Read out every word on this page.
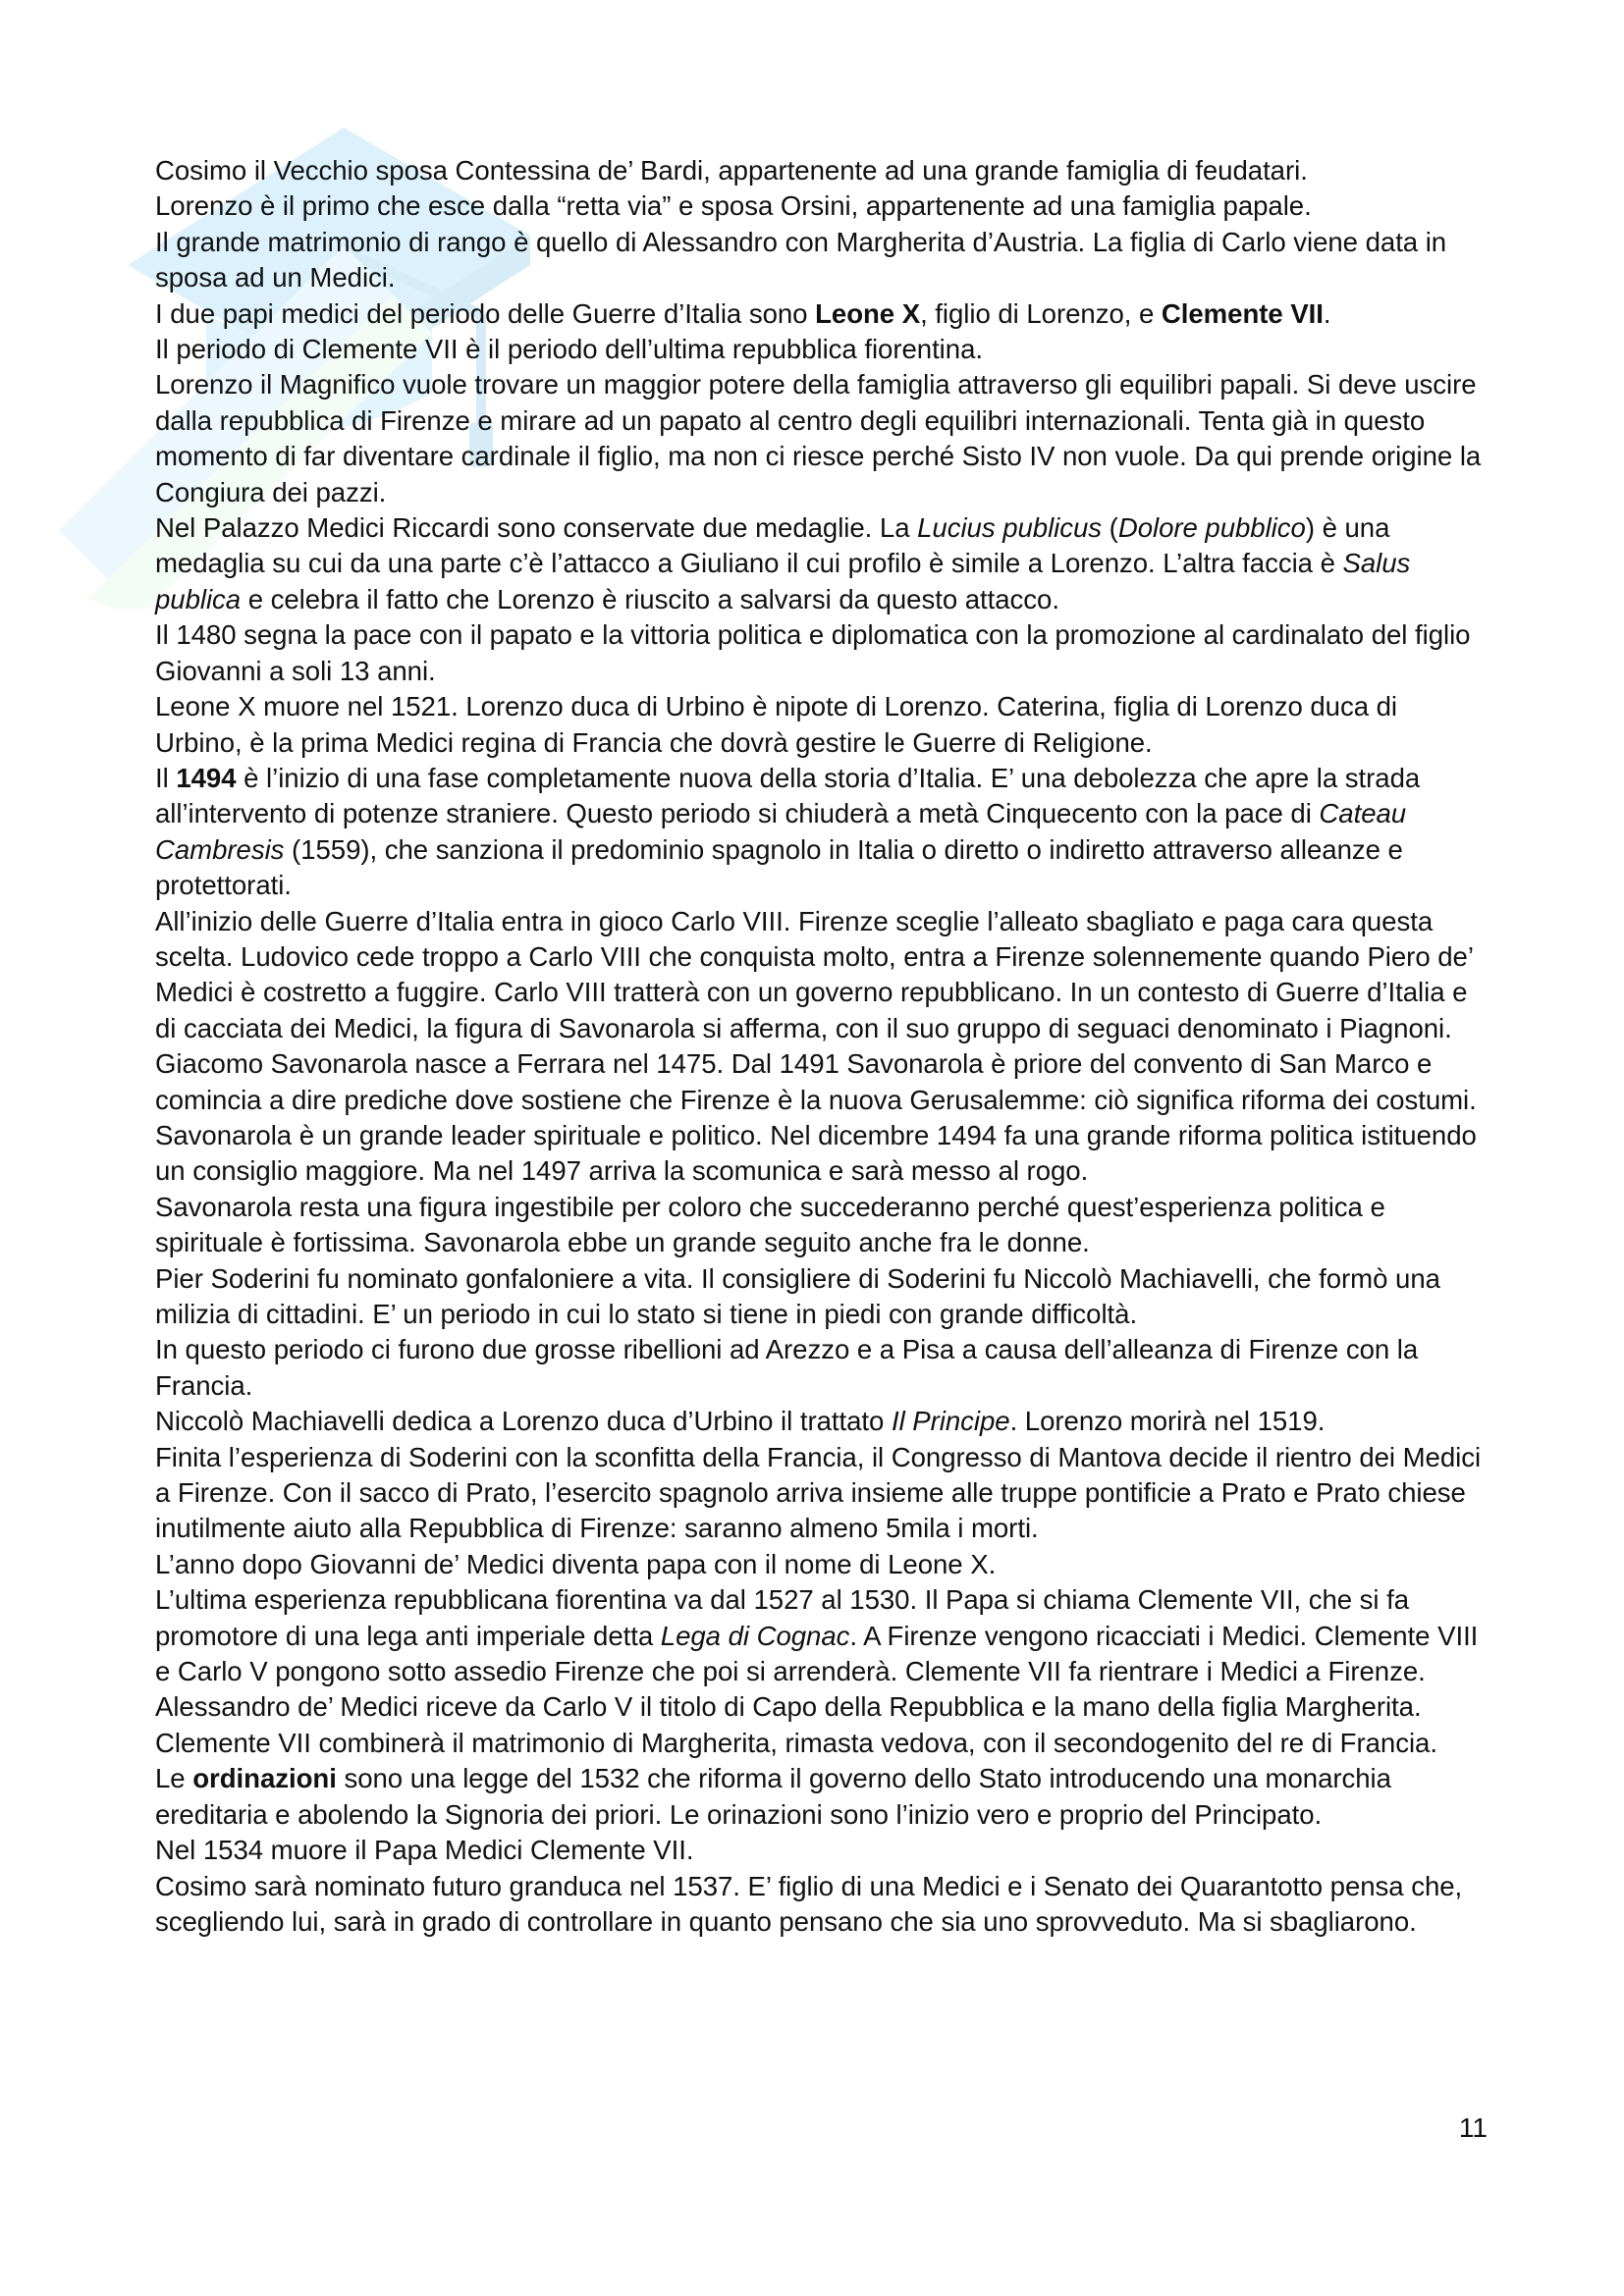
Cosimo il Vecchio sposa Contessina de’ Bardi, appartenente ad una grande famiglia di feudatari.

Lorenzo è il primo che esce dalla “retta via” e sposa Orsini, appartenente ad una famiglia papale.

Il grande matrimonio di rango è quello di Alessandro con Margherita d’Austria. La figlia di Carlo viene data in sposa ad un Medici.

I due papi medici del periodo delle Guerre d’Italia sono Leone X, figlio di Lorenzo, e Clemente VII.

Il periodo di Clemente VII è il periodo dell’ultima repubblica fiorentina.

Lorenzo il Magnifico vuole trovare un maggior potere della famiglia attraverso gli equilibri papali. Si deve uscire dalla repubblica di Firenze e mirare ad un papato al centro degli equilibri internazionali. Tenta già in questo momento di far diventare cardinale il figlio, ma non ci riesce perché Sisto IV non vuole. Da qui prende origine la Congiura dei pazzi.

Nel Palazzo Medici Riccardi sono conservate due medaglie. La Lucius publicus (Dolore pubblico) è una medaglia su cui da una parte c’è l’attacco a Giuliano il cui profilo è simile a Lorenzo. L’altra faccia è Salus publica e celebra il fatto che Lorenzo è riuscito a salvarsi da questo attacco.

Il 1480 segna la pace con il papato e la vittoria politica e diplomatica con la promozione al cardinalato del figlio Giovanni a soli 13 anni.

Leone X muore nel 1521. Lorenzo duca di Urbino è nipote di Lorenzo. Caterina, figlia di Lorenzo duca di Urbino, è la prima Medici regina di Francia che dovrà gestire le Guerre di Religione.

Il 1494 è l’inizio di una fase completamente nuova della storia d’Italia. E’ una debolezza che apre la strada all’intervento di potenze straniere. Questo periodo si chiuderà a metà Cinquecento con la pace di Cateau Cambresis (1559), che sanziona il predominio spagnolo in Italia o diretto o indiretto attraverso alleanze e protettorati.

All’inizio delle Guerre d’Italia entra in gioco Carlo VIII. Firenze sceglie l’alleato sbagliato e paga cara questa scelta. Ludovico cede troppo a Carlo VIII che conquista molto, entra a Firenze solennemente quando Piero de’ Medici è costretto a fuggire. Carlo VIII tratterà con un governo repubblicano. In un contesto di Guerre d’Italia e di cacciata dei Medici, la figura di Savonarola si afferma, con il suo gruppo di seguaci denominato i Piagnoni.

Giacomo Savonarola nasce a Ferrara nel 1475. Dal 1491 Savonarola è priore del convento di San Marco e comincia a dire prediche dove sostiene che Firenze è la nuova Gerusalemme: ciò significa riforma dei costumi. Savonarola è un grande leader spirituale e politico. Nel dicembre 1494 fa una grande riforma politica istituendo un consiglio maggiore. Ma nel 1497 arriva la scomunica e sarà messo al rogo.

Savonarola resta una figura ingestibile per coloro che succederanno perché quest’esperienza politica e spirituale è fortissima. Savonarola ebbe un grande seguito anche fra le donne.

Pier Soderini fu nominato gonfaloniere a vita. Il consigliere di Soderini fu Niccolò Machiavelli, che formò una milizia di cittadini. E’ un periodo in cui lo stato si tiene in piedi con grande difficoltà.

In questo periodo ci furono due grosse ribellioni ad Arezzo e a Pisa a causa dell’alleanza di Firenze con la Francia.

Niccolò Machiavelli dedica a Lorenzo duca d’Urbino il trattato Il Principe. Lorenzo morirà nel 1519.

Finita l’esperienza di Soderini con la sconfitta della Francia, il Congresso di Mantova decide il rientro dei Medici a Firenze. Con il sacco di Prato, l’esercito spagnolo arriva insieme alle truppe pontificie a Prato e Prato chiese inutilmente aiuto alla Repubblica di Firenze: saranno almeno 5mila i morti.

L’anno dopo Giovanni de’ Medici diventa papa con il nome di Leone X.

L’ultima esperienza repubblicana fiorentina va dal 1527 al 1530. Il Papa si chiama Clemente VII, che si fa promotore di una lega anti imperiale detta Lega di Cognac. A Firenze vengono ricacciati i Medici. Clemente VIII e Carlo V pongono sotto assedio Firenze che poi si arrenderà. Clemente VII fa rientrare i Medici a Firenze. Alessandro de’ Medici riceve da Carlo V il titolo di Capo della Repubblica e la mano della figlia Margherita. Clemente VII combinerà il matrimonio di Margherita, rimasta vedova, con il secondogenito del re di Francia.

Le ordinazioni sono una legge del 1532 che riforma il governo dello Stato introducendo una monarchia ereditaria e abolendo la Signoria dei priori. Le orinazioni sono l’inizio vero e proprio del Principato.

Nel 1534 muore il Papa Medici Clemente VII.

Cosimo sarà nominato futuro granduca nel 1537. E’ figlio di una Medici e i Senato dei Quarantotto pensa che, scegliendo lui, sarà in grado di controllare in quanto pensano che sia uno sprovveduto. Ma si sbagliarono.

11
